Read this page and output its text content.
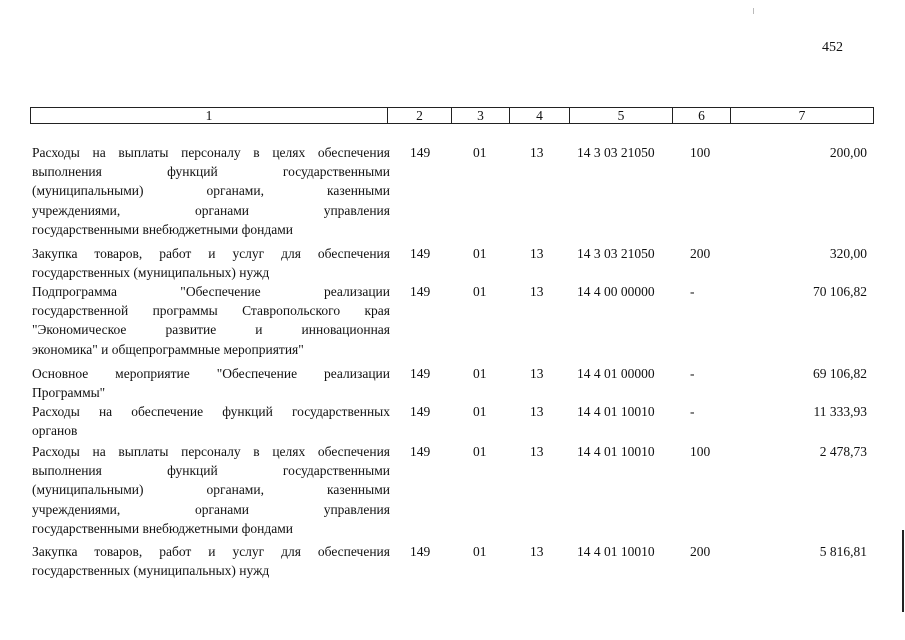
452
1	2	3	4	5	6	7
Расходы на выплаты персоналу в целях обеспечения
выполнения функций государственными
(муниципальными) органами, казенными
учреждениями, органами управления
государственными внебюджетными фондами
149	01	13	14 3 03 21050	100	200,00
Закупка товаров, работ и услуг для обеспечения
государственных (муниципальных) нужд
149	01	13	14 3 03 21050	200	320,00
Подпрограмма "Обеспечение реализации
государственной программы Ставропольского края
"Экономическое развитие и инновационная
экономика" и общепрограммные мероприятия"
149	01	13	14 4 00 00000	-	70 106,82
Основное мероприятие "Обеспечение реализации
Программы"
149	01	13	14 4 01 00000	-	69 106,82
Расходы на обеспечение функций государственных
органов
149	01	13	14 4 01 10010	-	11 333,93
Расходы на выплаты персоналу в целях обеспечения
выполнения функций государственными
(муниципальными) органами, казенными
учреждениями, органами управления
государственными внебюджетными фондами
149	01	13	14 4 01 10010	100	2 478,73
Закупка товаров, работ и услуг для обеспечения
государственных (муниципальных) нужд
149	01	13	14 4 01 10010	200	5 816,81
